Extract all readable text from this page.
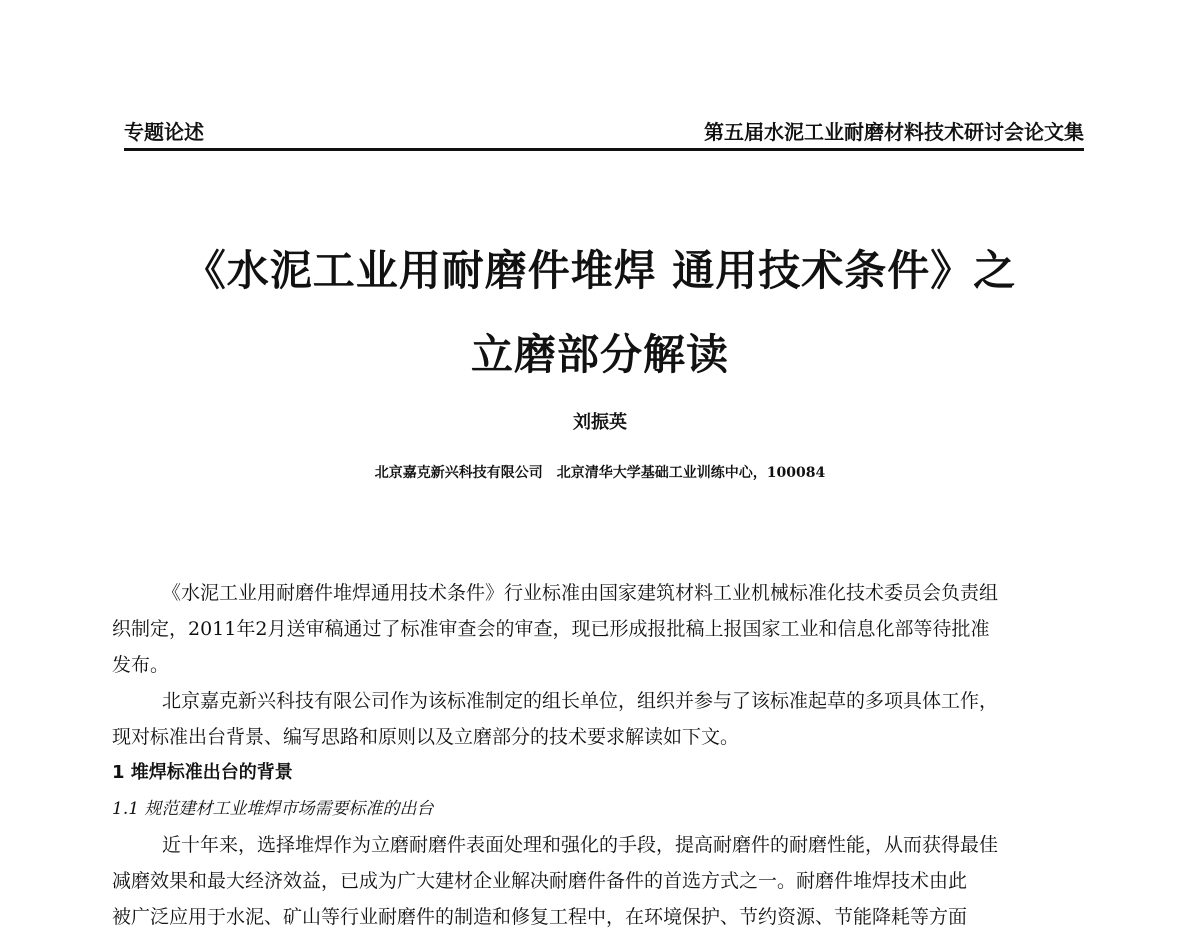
专题论述	第五届水泥工业耐磨材料技术研讨会论文集
《水泥工业用耐磨件堆焊 通用技术条件》之
立磨部分解读
刘振英
北京嘉克新兴科技有限公司　北京清华大学基础工业训练中心，100084

《水泥工业用耐磨件堆焊通用技术条件》行业标准由国家建筑材料工业机械标准化技术委员会负责组

织制定，2011年2月送审稿通过了标准审查会的审查，现已形成报批稿上报国家工业和信息化部等待批准

发布。

北京嘉克新兴科技有限公司作为该标准制定的组长单位，组织并参与了该标准起草的多项具体工作，

现对标准出台背景、编写思路和原则以及立磨部分的技术要求解读如下文。

1 堆焊标准出台的背景

1.1 规范建材工业堆焊市场需要标准的出台

近十年来，选择堆焊作为立磨耐磨件表面处理和强化的手段，提高耐磨件的耐磨性能，从而获得最佳

减磨效果和最大经济效益，已成为广大建材企业解决耐磨件备件的首选方式之一。耐磨件堆焊技术由此

被广泛应用于水泥、矿山等行业耐磨件的制造和修复工程中，在环境保护、节约资源、节能降耗等方面
